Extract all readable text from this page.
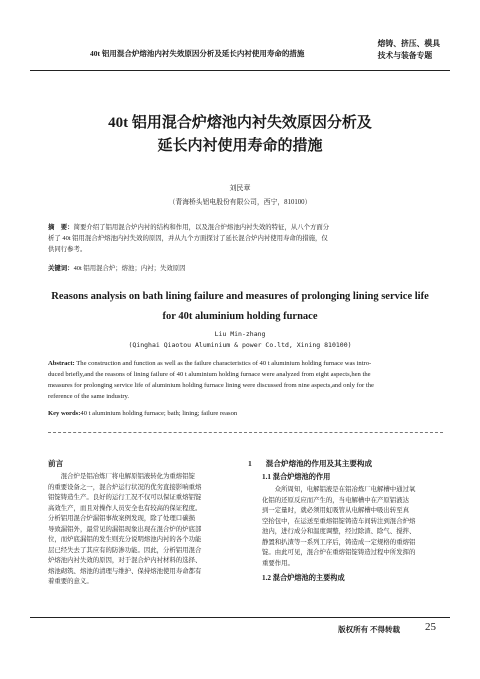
40t 铝用混合炉熔池内衬失效原因分析及延长内衬使用寿命的措施
熔铸、挤压、模具
技术与装备专题
40t 铝用混合炉熔池内衬失效原因分析及
延长内衬使用寿命的措施
刘民章
（青海桥头铝电股份有限公司，西宁，810100）
摘　要：简要介绍了铝用混合炉内衬的结构和作用，以及混合炉熔池内衬失效的特征，从八个方面分
析了 40t 铝用混合炉熔池内衬失效的原因，并从九个方面探讨了延长混合炉内衬使用寿命的措施，仅
供同行参考。
关键词：40t 铝用混合炉；熔池；内衬；失效原因
Reasons analysis on bath lining failure and measures of prolonging lining service life
for 40t aluminium holding furnace
Liu Min-zhang
(Qinghai Qiaotou Aluminium & power Co.ltd, Xining 810100)
Abstract: The construction and function as well as the failure characteristics of 40 t aluminium holding furnace was intro-
duced briefly,and the reasons of lining failure of 40 t aluminium holding furnace were analyzed from eight aspects,hen the
measures for prolonging service life of aluminium holding furnace lining were discussed from nine aspects,and only for the
reference of the same industry.
Key words:40 t aluminium holding furnace; bath; lining; failure reason
前言
　　混合炉是铝冶炼厂将电解原铝液转化为重熔铝锭
的重要设备之一，混合炉运行状况的优劣直接影响重熔
铝锭铸造生产。良好的运行工况不仅可以保证重熔铝锭
高效生产，而且对操作人员安全也有较高的保证程度。
分析铝用混合炉漏铝事故案例发现，除了处理口碳损
导致漏铝外，最常见的漏铝现象出现在混合炉的炉底部
位，而炉底漏铝的发生则充分说明熔池内衬的各个功能
层已经失去了其应有的防渗功能。因此，分析铝用混合
炉熔池内衬失效的原因，对于混合炉内衬材料的选择、
熔池砌筑、熔池的清理与维护、保持熔池使用寿命都有
着重要的意义。
1 混合炉熔池的作用及其主要构成
1.1 混合炉熔池的作用
　　众所周知，电解铝液是在铝冶炼厂电解槽中通过氧
化铝的还原反应而产生的，当电解槽中在产原铝液达
到一定量时，就必须用虹吸管从电解槽中吸出转至真
空抬包中，在运送至重熔铝锭铸造车间转注到混合炉熔
池内，进行成分和温度调整，经过除渣、除气、搅拌、
静置和扒渣等一系列工序后，铸造成一定规格的重熔铝
锭。由此可见，混合炉在重熔铝锭铸造过程中所发挥的
重要作用。
1.2 混合炉熔池的主要构成
版权所有 不得转载 25
